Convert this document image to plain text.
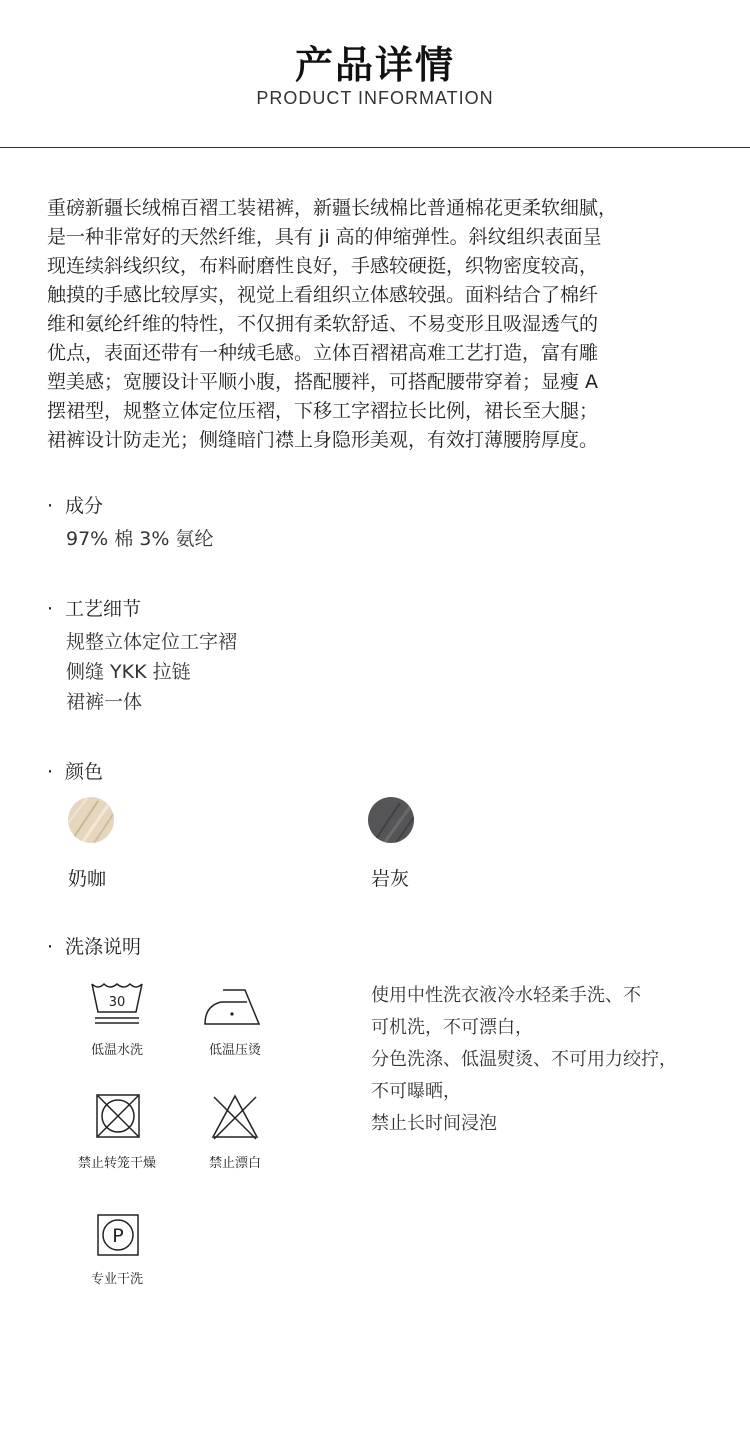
产品详情
PRODUCT INFORMATION
重磅新疆长绒棉百褶工装裙裤，新疆长绒棉比普通棉花更柔软细腻，
是一种非常好的天然纤维，具有 ji 高的伸缩弹性。斜纹组织表面呈
现连续斜线织纹，布料耐磨性良好，手感较硬挺，织物密度较高，
触摸的手感比较厚实，视觉上看组织立体感较强。面料结合了棉纤
维和氨纶纤维的特性，不仅拥有柔软舒适、不易变形且吸湿透气的
优点，表面还带有一种绒毛感。立体百褶裙高难工艺打造，富有雕
塑美感；宽腰设计平顺小腹，搭配腰袢，可搭配腰带穿着；显瘦 A
摆裙型，规整立体定位压褶，下移工字褶拉长比例，裙长至大腿；
裙裤设计防走光；侧缝暗门襟上身隐形美观，有效打薄腰胯厚度。
· 成分
97% 棉 3% 氨纶
· 工艺细节
规整立体定位工字褶
侧缝 YKK 拉链
裙裤一体
· 颜色
奶咖	岩灰
· 洗涤说明
30
低温水洗	低温压烫
禁止转笼干燥	禁止漂白
P
专业干洗
使用中性洗衣液冷水轻柔手洗、不
可机洗，不可漂白，
分色洗涤、低温熨烫、不可用力绞拧，
不可曝晒，
禁止长时间浸泡
